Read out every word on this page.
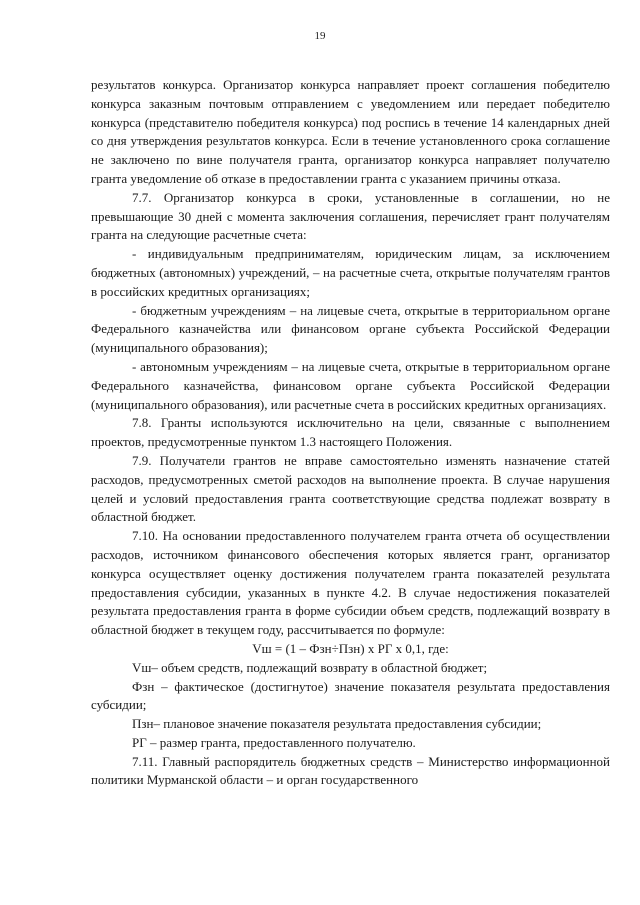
19

результатов конкурса. Организатор конкурса направляет проект соглашения победителю конкурса заказным почтовым отправлением с уведомлением или передает победителю конкурса (представителю победителя конкурса) под роспись в течение 14 календарных дней со дня утверждения результатов конкурса. Если в течение установленного срока соглашение не заключено по вине получателя гранта, организатор конкурса направляет получателю гранта уведомление об отказе в предоставлении гранта с указанием причины отказа.

7.7. Организатор конкурса в сроки, установленные в соглашении, но не превышающие 30 дней с момента заключения соглашения, перечисляет грант получателям гранта на следующие расчетные счета:

- индивидуальным предпринимателям, юридическим лицам, за исключением бюджетных (автономных) учреждений, – на расчетные счета, открытые получателям грантов в российских кредитных организациях;

- бюджетным учреждениям – на лицевые счета, открытые в территориальном органе Федерального казначейства или финансовом органе субъекта Российской Федерации (муниципального образования);

- автономным учреждениям – на лицевые счета, открытые в территориальном органе Федерального казначейства, финансовом органе субъекта Российской Федерации (муниципального образования), или расчетные счета в российских кредитных организациях.

7.8. Гранты используются исключительно на цели, связанные с выполнением проектов, предусмотренные пунктом 1.3 настоящего Положения.

7.9. Получатели грантов не вправе самостоятельно изменять назначение статей расходов, предусмотренных сметой расходов на выполнение проекта. В случае нарушения целей и условий предоставления гранта соответствующие средства подлежат возврату в областной бюджет.

7.10. На основании предоставленного получателем гранта отчета об осуществлении расходов, источником финансового обеспечения которых является грант, организатор конкурса осуществляет оценку достижения получателем гранта показателей результата предоставления субсидии, указанных в пункте 4.2. В случае недостижения показателей результата предоставления гранта в форме субсидии объем средств, подлежащий возврату в областной бюджет в текущем году, рассчитывается по формуле:

Vш = (1 – Фзн÷Пзн) х РГ х 0,1, где:

Vш– объем средств, подлежащий возврату в областной бюджет;

Фзн – фактическое (достигнутое) значение показателя результата предоставления субсидии;

Пзн– плановое значение показателя результата предоставления субсидии;

РГ – размер гранта, предоставленного получателю.

7.11. Главный распорядитель бюджетных средств – Министерство информационной политики Мурманской области – и орган государственного
